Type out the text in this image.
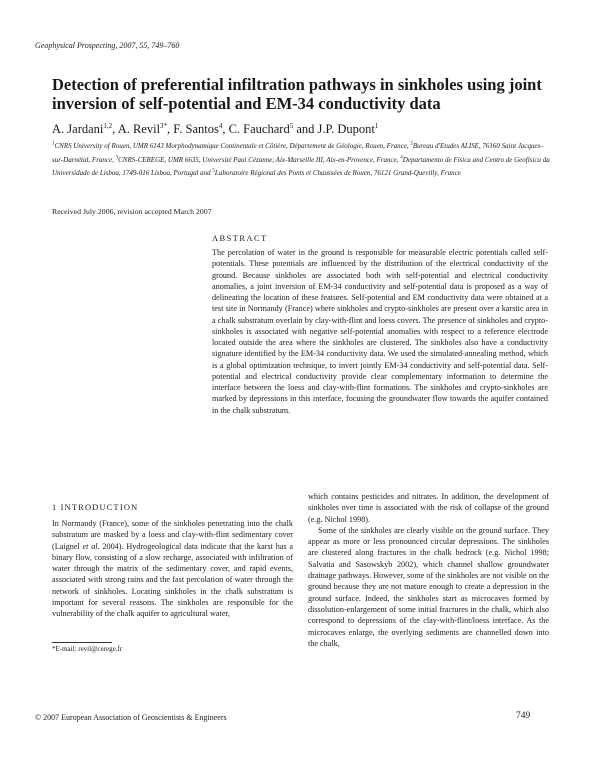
Geophysical Prospecting, 2007, 55, 749–760
Detection of preferential infiltration pathways in sinkholes using joint inversion of self-potential and EM-34 conductivity data
A. Jardani$^{1,2}$, A. Revil$^{3*}$, F. Santos$^4$, C. Fauchard$^5$ and J.P. Dupont$^1$
$^1$CNRS University of Rouen, UMR 6143 Morphodynamique Continentale et Côtière, Département de Géologie, Rouen, France, $^2$Bureau d'Etudes ALISE, 76160 Saint Jacques-sur-Darnétal, France, $^3$CNRS-CEREGE, UMR 6635, Université Paul Cézanne, Aix-Marseille III, Aix-en-Provence, France, $^4$Departamento de Física and Centro de Geofísica da Universidade de Lisboa, 1749-016 Lisboa, Portugal and $^5$Laboratoire Régional des Ponts et Chaussées de Rouen, 76121 Grand-Quevilly, France
Received July 2006, revision accepted March 2007
ABSTRACT
The percolation of water in the ground is responsible for measurable electric potentials called self-potentials. These potentials are influenced by the distribution of the electrical conductivity of the ground. Because sinkholes are associated both with self-potential and electrical conductivity anomalies, a joint inversion of EM-34 conductivity and self-potential data is proposed as a way of delineating the location of these features. Self-potential and EM conductivity data were obtained at a test site in Normandy (France) where sinkholes and crypto-sinkholes are present over a karstic area in a chalk substratum overlain by clay-with-flint and loess covers. The presence of sinkholes and crypto-sinkholes is associated with negative self-potential anomalies with respect to a reference electrode located outside the area where the sinkholes are clustered. The sinkholes also have a conductivity signature identified by the EM-34 conductivity data. We used the simulated-annealing method, which is a global optimization technique, to invert jointly EM-34 conductivity and self-potential data. Self-potential and electrical conductivity provide clear complementary information to determine the interface between the loess and clay-with-flint formations. The sinkholes and crypto-sinkholes are marked by depressions in this interface, focusing the groundwater flow towards the aquifer contained in the chalk substratum.
1 INTRODUCTION

In Normandy (France), some of the sinkholes penetrating into the chalk substratum are masked by a loess and clay-with-flint sedimentary cover (Laignel et al. 2004). Hydrogeological data indicate that the karst has a binary flow, consisting of a slow recharge, associated with infiltration of water through the matrix of the sedimentary cover, and rapid events, associated with strong rains and the fast percolation of water through the network of sinkholes. Locating sinkholes in the chalk substratum is important for several reasons. The sinkholes are responsible for the vulnerability of the chalk aquifer to agricultural water,

which contains pesticides and nitrates. In addition, the development of sinkholes over time is associated with the risk of collapse of the ground (e.g. Nichol 1998).

Some of the sinkholes are clearly visible on the ground surface. They appear as more or less pronounced circular depressions. The sinkholes are clustered along fractures in the chalk bedrock (e.g. Nichol 1998; Salvatia and Sasowskyb 2002), which channel shallow groundwater drainage pathways. However, some of the sinkholes are not visible on the ground because they are not mature enough to create a depression in the ground surface. Indeed, the sinkholes start as microcaves formed by dissolution-enlargement of some initial fractures in the chalk, which also correspond to depressions of the clay-with-flint/loess interface. As the microcaves enlarge, the overlying sediments are channelled down into the chalk,

*E-mail: revil@cerege.fr
© 2007 European Association of Geoscientists & Engineers	749
